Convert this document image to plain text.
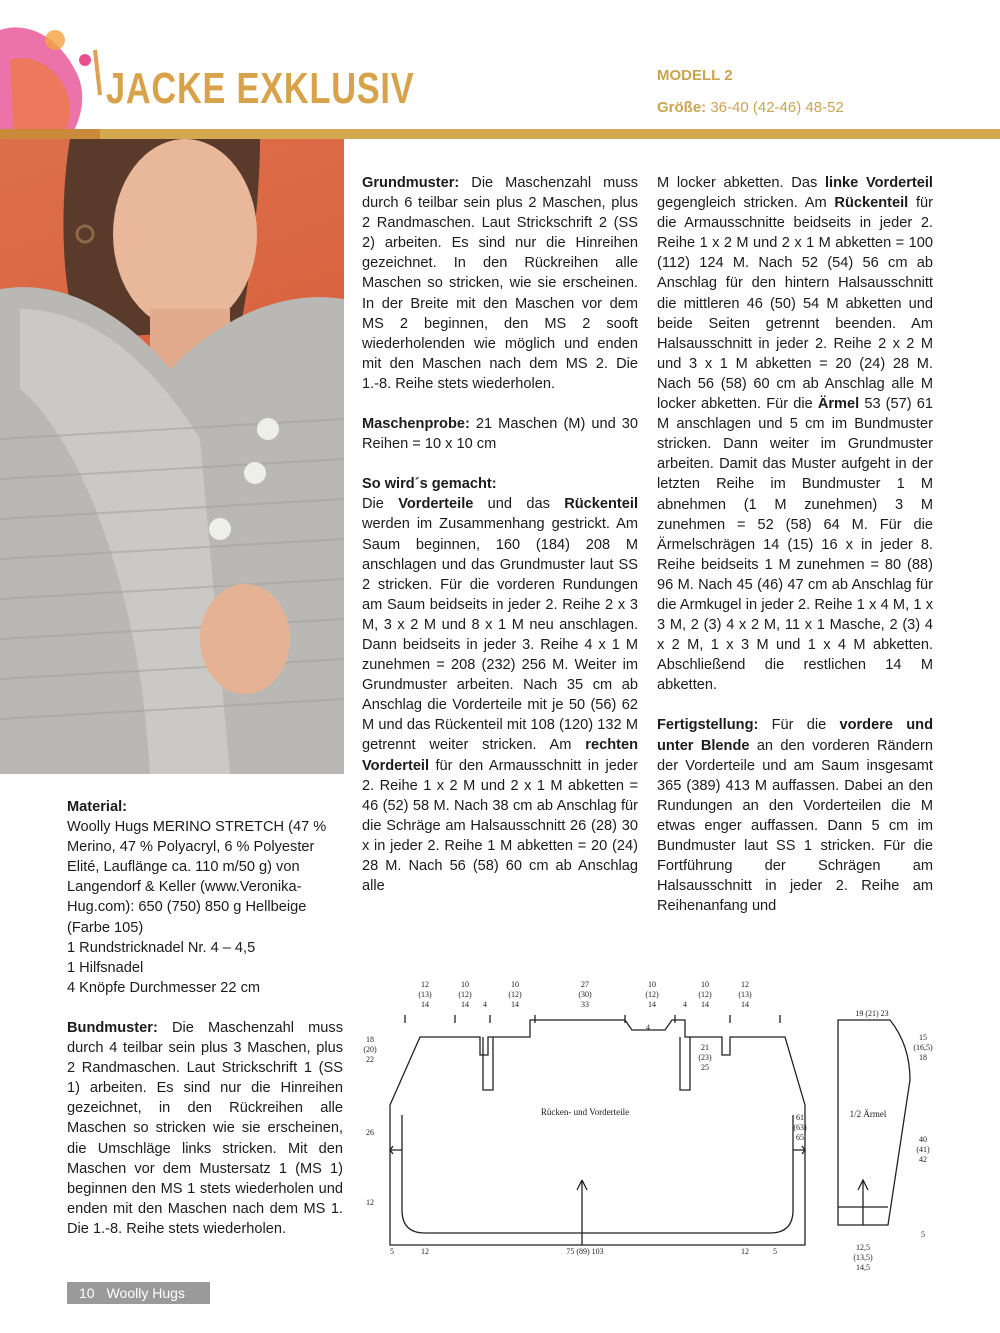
JACKE EXKLUSIV	MODELL 2
Größe: 36-40 (42-46) 48-52

Grundmuster: Die Maschenzahl muss durch 6 teilbar sein plus 2 Maschen, plus 2 Randmaschen. Laut Strickschrift 2 (SS 2) arbeiten. Es sind nur die Hinreihen gezeichnet. In den Rückreihen alle Maschen so stricken, wie sie erscheinen. In der Breite mit den Maschen vor dem MS 2 beginnen, den MS 2 sooft wiederholenden wie möglich und enden mit den Maschen nach dem MS 2. Die 1.-8. Reihe stets wiederholen.

Maschenprobe: 21 Maschen (M) und 30 Reihen = 10 x 10 cm

So wird´s gemacht:
Die Vorderteile und das Rückenteil werden im Zusammenhang gestrickt. Am Saum beginnen, 160 (184) 208 M anschlagen und das Grundmuster laut SS 2 stricken. Für die vorderen Rundungen am Saum beidseits in jeder 2. Reihe 2 x 3 M, 3 x 2 M und 8 x 1 M neu anschlagen. Dann beidseits in jeder 3. Reihe 4 x 1 M zunehmen = 208 (232) 256 M. Weiter im Grundmuster arbeiten. Nach 35 cm ab Anschlag die Vorderteile mit je 50 (56) 62 M und das Rückenteil mit 108 (120) 132 M getrennt weiter stricken. Am rechten Vorderteil für den Armausschnitt in jeder 2. Reihe 1 x 2 M und 2 x 1 M abketten = 46 (52) 58 M. Nach 38 cm ab Anschlag für die Schräge am Halsausschnitt 26 (28) 30 x in jeder 2. Reihe 1 M abketten = 20 (24) 28 M. Nach 56 (58) 60 cm ab Anschlag alle

M locker abketten. Das linke Vorderteil gegengleich stricken. Am Rückenteil für die Armausschnitte beidseits in jeder 2. Reihe 1 x 2 M und 2 x 1 M abketten = 100 (112) 124 M. Nach 52 (54) 56 cm ab Anschlag für den hintern Halsausschnitt die mittleren 46 (50) 54 M abketten und beide Seiten getrennt beenden. Am Halsausschnitt in jeder 2. Reihe 2 x 2 M und 3 x 1 M abketten = 20 (24) 28 M. Nach 56 (58) 60 cm ab Anschlag alle M locker abketten. Für die Ärmel 53 (57) 61 M anschlagen und 5 cm im Bundmuster stricken. Dann weiter im Grundmuster arbeiten. Damit das Muster aufgeht in der letzten Reihe im Bundmuster 1 M abnehmen (1 M zunehmen) 3 M zunehmen = 52 (58) 64 M. Für die Ärmelschrägen 14 (15) 16 x in jeder 8. Reihe beidseits 1 M zunehmen = 80 (88) 96 M. Nach 45 (46) 47 cm ab Anschlag für die Armkugel in jeder 2. Reihe 1 x 4 M, 1 x 3 M, 2 (3) 4 x 2 M, 11 x 1 Masche, 2 (3) 4 x 2 M, 1 x 3 M und 1 x 4 M abketten. Abschließend die restlichen 14 M abketten.

Fertigstellung: Für die vordere und unter Blende an den vorderen Rändern der Vorderteile und am Saum insgesamt 365 (389) 413 M auffassen. Dabei an den Rundungen an den Vorderteilen die M etwas enger auffassen. Dann 5 cm im Bundmuster laut SS 1 stricken. Für die Fortführung der Schrägen am Halsausschnitt in jeder 2. Reihe am Reihenanfang und

Material:
Woolly Hugs MERINO STRETCH (47 % Merino, 47 % Polyacryl, 6 % Polyester Elité, Lauflänge ca. 110 m/50 g) von Langendorf & Keller (www.Veronika-Hug.com): 650 (750) 850 g Hellbeige (Farbe 105)
1 Rundstricknadel Nr. 4 – 4,5
1 Hilfsnadel
4 Knöpfe Durchmesser 22 cm

Bundmuster: Die Maschenzahl muss durch 4 teilbar sein plus 3 Maschen, plus 2 Randmaschen. Laut Strickschrift 1 (SS 1) arbeiten. Es sind nur die Hinreihen gezeichnet, in den Rückreihen alle Maschen so stricken wie sie erscheinen, die Umschläge links stricken. Mit den Maschen vor dem Mustersatz 1 (MS 1) beginnen den MS 1 stets wiederholen und enden mit den Maschen nach dem MS 1. Die 1.-8. Reihe stets wiederholen.

12
(13)
14
10
(12)
14
10
(12)
14
27
(30)
33
10
(12)
14
10
(12)
14
12
(13)
14
4
4
4
18
(20)
22
26
12
21
(23)
25
61
(63)
65
5	12	75 (89) 103	12	5
19 (21) 23
15
(16,5)
18
40
(41)
42
5
12,5
(13,5)
14,5
Rücken- und Vorderteile	1/2 Ärmel
10 Woolly Hugs
